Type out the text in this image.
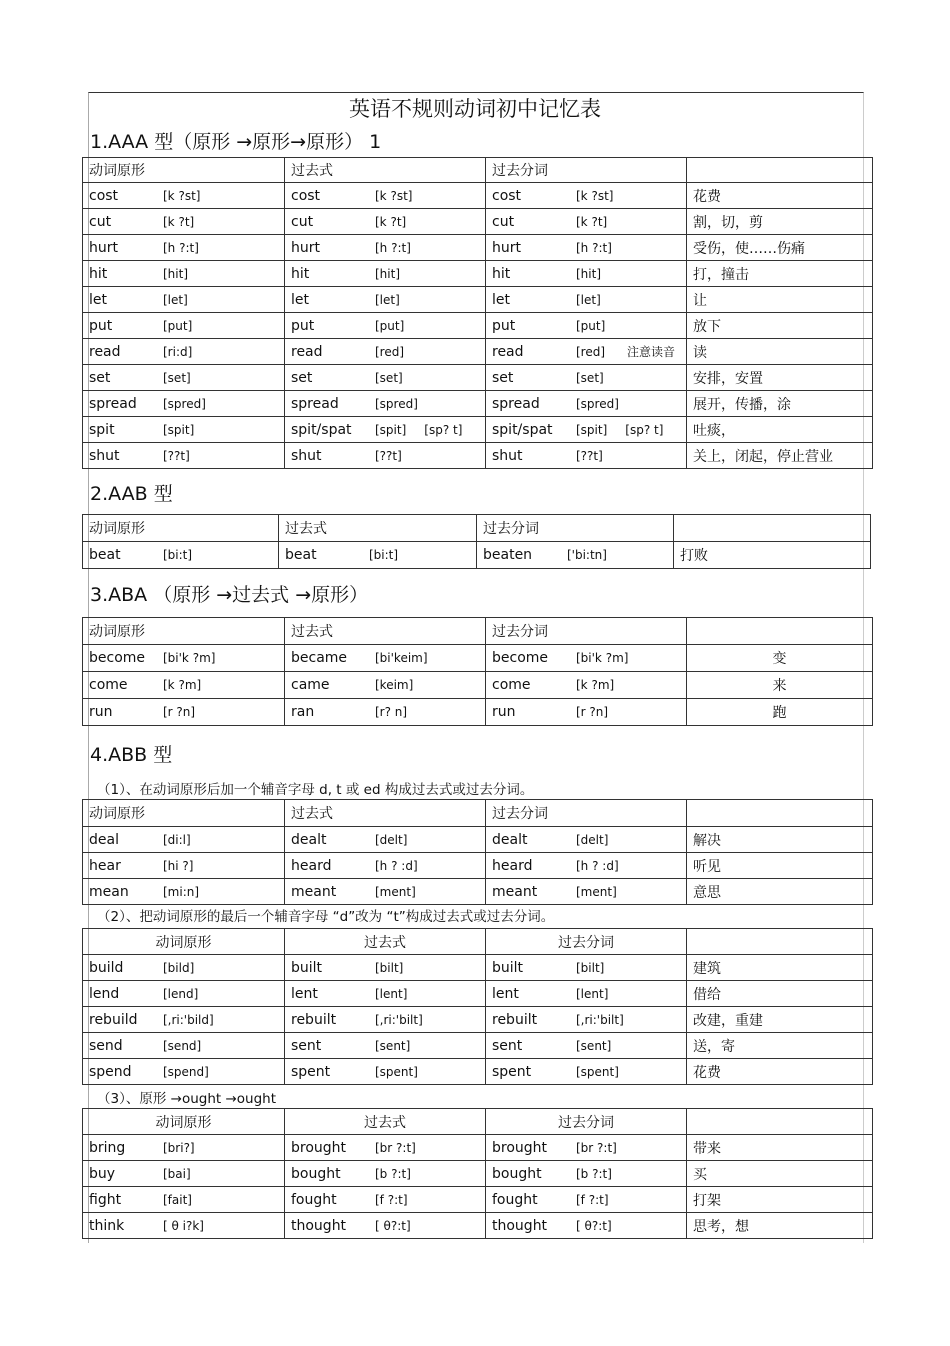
英语不规则动词初中记忆表
1.AAA 型（原形 →原形→原形） 1
动词原形	过去式	过去分词	
cost [k ?st]	cost [k ?st]	cost [k ?st]	花费
cut [k ?t]	cut [k ?t]	cut [k ?t]	割，切，剪
hurt [h ?:t]	hurt [h ?:t]	hurt [h ?:t]	受伤，使……伤痛
hit [hit]	hit [hit]	hit [hit]	打，撞击
let [let]	let [let]	let [let]	让
put [put]	put [put]	put [put]	放下
read [ri:d]	read [red]	read [red] 注意读音	读
set [set]	set [set]	set [set]	安排，安置
spread [spred]	spread [spred]	spread [spred]	展开，传播，涂
spit [spit]	spit/spat [spit] [sp? t]	spit/spat [spit] [sp? t]	吐痰，
shut [??t]	shut [??t]	shut [??t]	关上，闭起，停止营业
2.AAB 型
动词原形	过去式	过去分词	
beat [bi:t]	beat [bi:t]	beaten ['bi:tn]	打败
3.ABA （原形 →过去式 →原形）
动词原形	过去式	过去分词	
become [bi'k ?m]	became [bi'keim]	become [bi'k ?m]	变
come [k ?m]	came [keim]	come [k ?m]	来
run [r ?n]	ran [r? n]	run [r ?n]	跑
4.ABB 型
（1）、在动词原形后加一个辅音字母 d, t 或 ed 构成过去式或过去分词。
动词原形	过去式	过去分词	
deal [di:l]	dealt [delt]	dealt [delt]	解决
hear [hi ?]	heard [h ? :d]	heard [h ? :d]	听见
mean [mi:n]	meant [ment]	meant [ment]	意思
（2）、把动词原形的最后一个辅音字母 “d”改为 “t”构成过去式或过去分词。
动词原形	过去式	过去分词	
build [bild]	built [bilt]	built [bilt]	建筑
lend [lend]	lent [lent]	lent [lent]	借给
rebuild [,ri:'bild]	rebuilt [,ri:'bilt]	rebuilt [,ri:'bilt]	改建，重建
send [send]	sent [sent]	sent [sent]	送，寄
spend [spend]	spent [spent]	spent [spent]	花费
（3）、原形 →ought →ought
动词原形	过去式	过去分词	
bring [bri?]	brought [br ?:t]	brought [br ?:t]	带来
buy [bai]	bought [b ?:t]	bought [b ?:t]	买
fight [fait]	fought [f ?:t]	fought [f ?:t]	打架
think [ θ i?k]	thought [ θ?:t]	thought [ θ?:t]	思考，想
